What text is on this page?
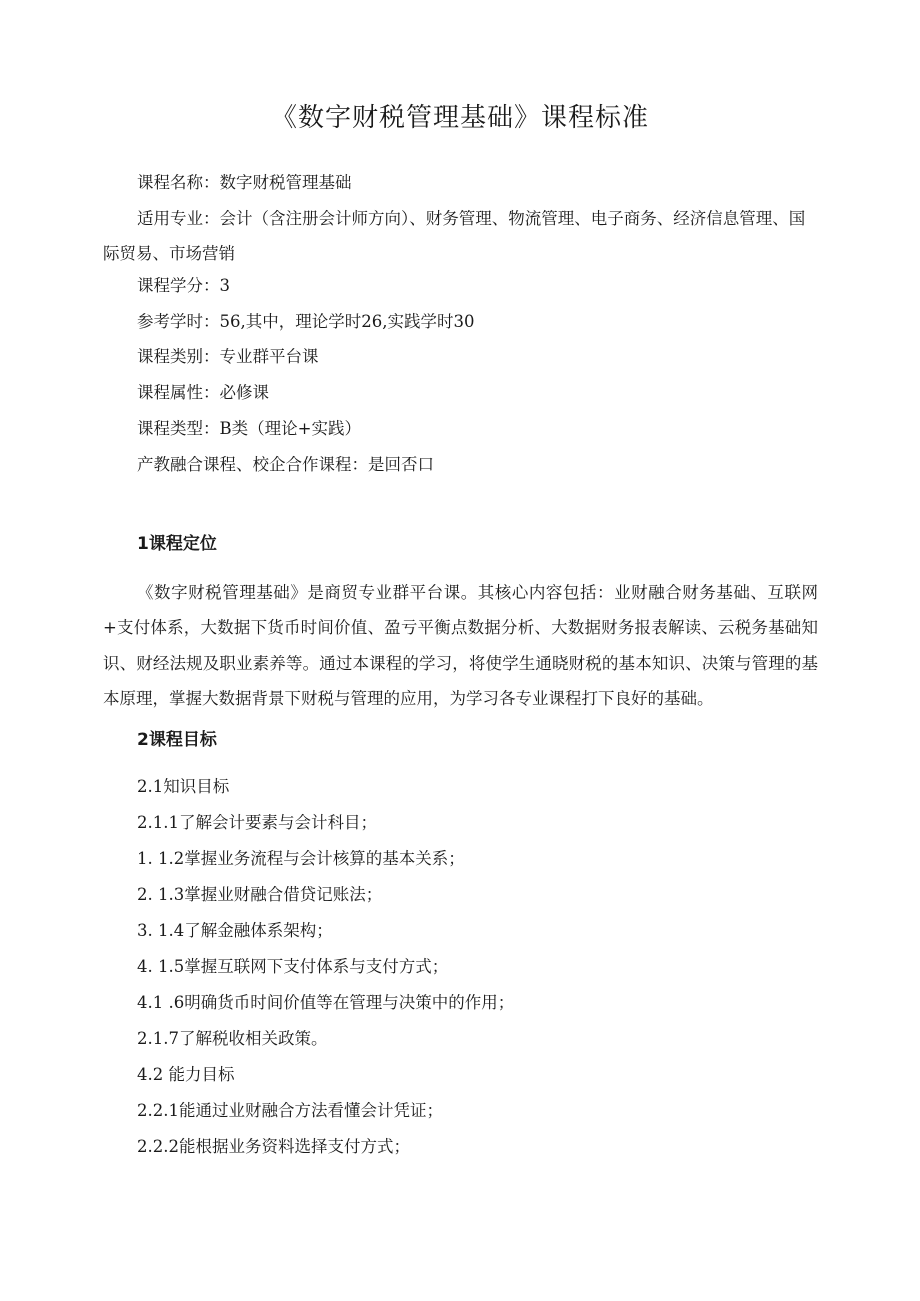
《数字财税管理基础》课程标准
课程名称：数字财税管理基础
适用专业：会计（含注册会计师方向）、财务管理、物流管理、电子商务、经济信息管理、国际贸易、市场营销
课程学分：3
参考学时：56,其中，理论学时26,实践学时30
课程类别：专业群平台课
课程属性：必修课
课程类型：B类（理论+实践）
产教融合课程、校企合作课程：是回否口
1课程定位
《数字财税管理基础》是商贸专业群平台课。其核心内容包括：业财融合财务基础、互联网+支付体系，大数据下货币时间价值、盈亏平衡点数据分析、大数据财务报表解读、云税务基础知识、财经法规及职业素养等。通过本课程的学习，将使学生通晓财税的基本知识、决策与管理的基本原理，掌握大数据背景下财税与管理的应用，为学习各专业课程打下良好的基础。
2课程目标
2.1知识目标
2.1.1了解会计要素与会计科目；
1. 1.2掌握业务流程与会计核算的基本关系；
2. 1.3掌握业财融合借贷记账法；
3. 1.4了解金融体系架构；
4. 1.5掌握互联网下支付体系与支付方式；
4.1 .6明确货币时间价值等在管理与决策中的作用；
2.1.7了解税收相关政策。
4.2 能力目标
2.2.1能通过业财融合方法看懂会计凭证；
2.2.2能根据业务资料选择支付方式；
